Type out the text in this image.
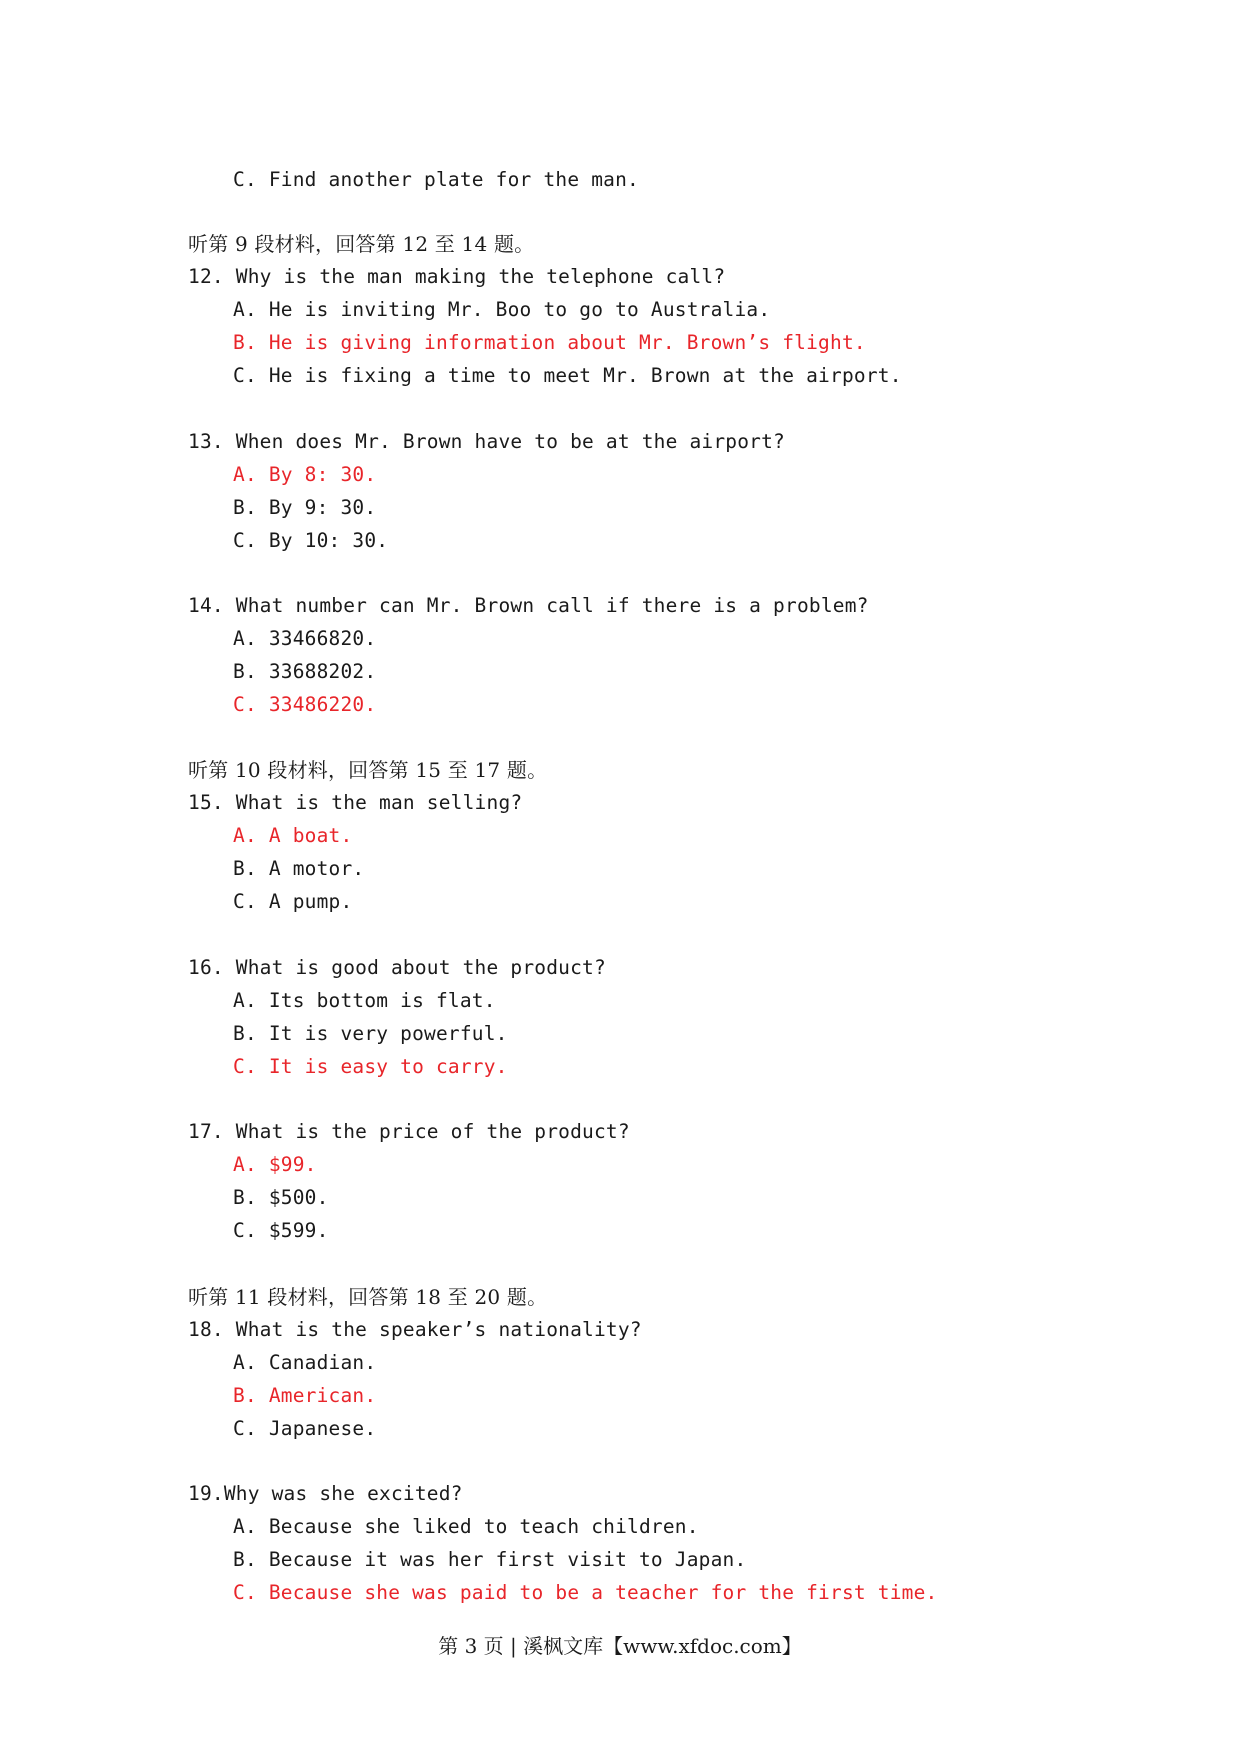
C. Find another plate for the man.
听第 9 段材料，回答第 12 至 14 题。
12. Why is the man making the telephone call?
A. He is inviting Mr. Boo to go to Australia.
B. He is giving information about Mr. Brown’s flight.
C. He is fixing a time to meet Mr. Brown at the airport.
13. When does Mr. Brown have to be at the airport?
A. By 8: 30.
B. By 9: 30.
C. By 10: 30.
14. What number can Mr. Brown call if there is a problem?
A. 33466820.
B. 33688202.
C. 33486220.
听第 10 段材料，回答第 15 至 17 题。
15. What is the man selling?
A. A boat.
B. A motor.
C. A pump.
16. What is good about the product?
A. Its bottom is flat.
B. It is very powerful.
C. It is easy to carry.
17. What is the price of the product?
A. $99.
B. $500.
C. $599.
听第 11 段材料，回答第 18 至 20 题。
18. What is the speaker’s nationality?
A. Canadian.
B. American.
C. Japanese.
19.Why was she excited?
A. Because she liked to teach children.
B. Because it was her first visit to Japan.
C. Because she was paid to be a teacher for the first time.
第 3 页 | 溪枫文库【www.xfdoc.com】
